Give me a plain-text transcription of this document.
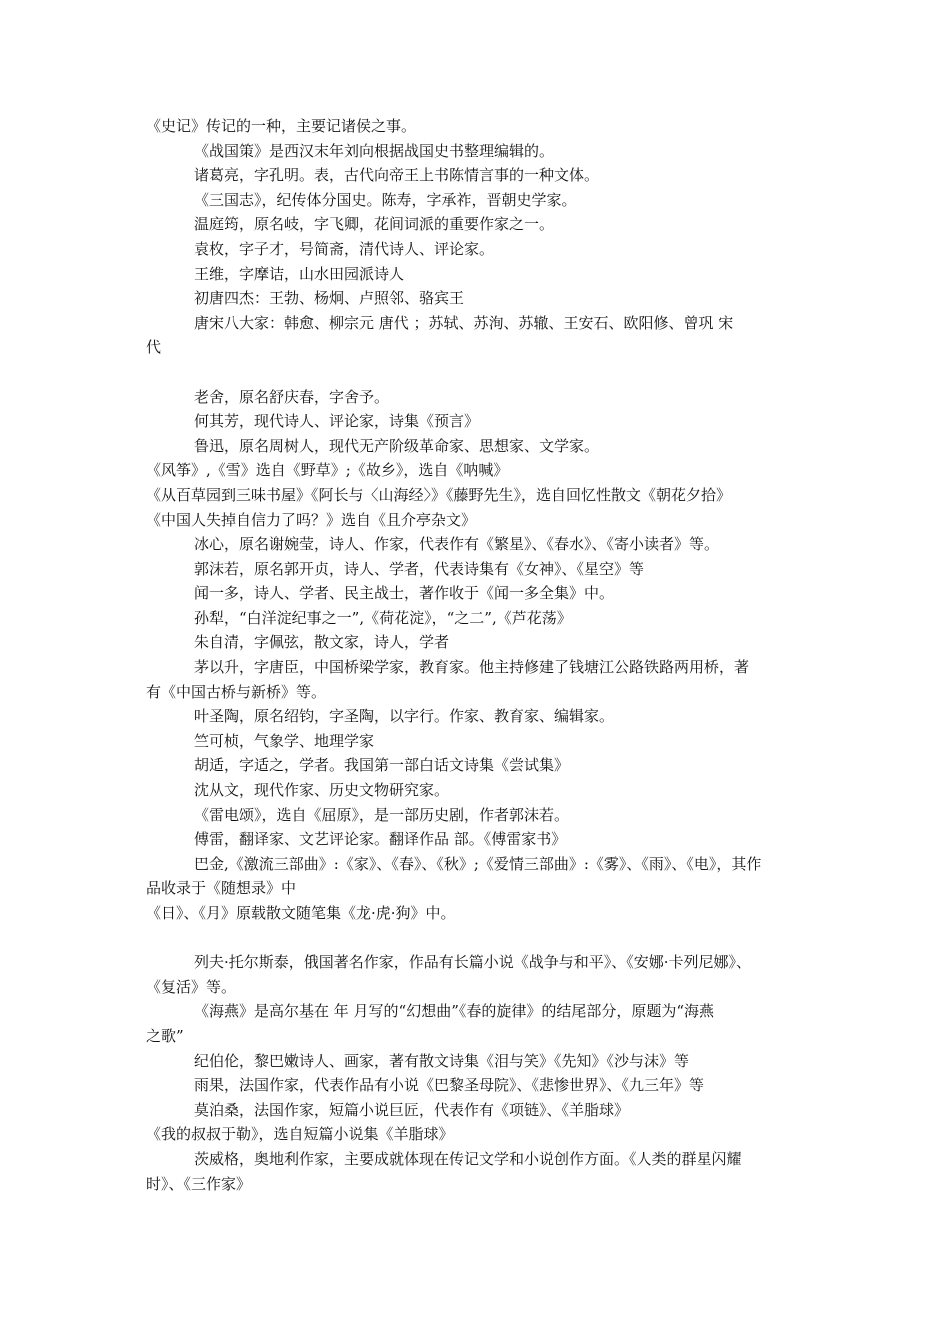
《史记》传记的一种，主要记诸侯之事。
《战国策》是西汉末年刘向根据战国史书整理编辑的。
诸葛亮，字孔明。表，古代向帝王上书陈情言事的一种文体。
《三国志》，纪传体分国史。陈寿，字承祚，晋朝史学家。
温庭筠，原名岐，字飞卿，花间词派的重要作家之一。
袁枚，字子才，号简斋，清代诗人、评论家。
王维，字摩诘，山水田园派诗人
初唐四杰：王勃、杨炯、卢照邻、骆宾王
唐宋八大家：韩愈、柳宗元 唐代 ；苏轼、苏洵、苏辙、王安石、欧阳修、曾巩 宋
代
老舍，原名舒庆春，字舍予。
何其芳，现代诗人、评论家，诗集《预言》
鲁迅，原名周树人，现代无产阶级革命家、思想家、文学家。
《风筝》,《雪》选自《野草》;《故乡》，选自《呐喊》
《从百草园到三味书屋》《阿长与〈山海经〉》《藤野先生》，选自回忆性散文《朝花夕拾》
《中国人失掉自信力了吗？》选自《且介亭杂文》
冰心，原名谢婉莹，诗人、作家，代表作有《繁星》、《春水》、《寄小读者》等。
郭沫若，原名郭开贞，诗人、学者，代表诗集有《女神》、《星空》等
闻一多，诗人、学者、民主战士，著作收于《闻一多全集》中。
孙犁，“白洋淀纪事之一”,《荷花淀》，“之二”,《芦花荡》
朱自清，字佩弦，散文家，诗人，学者
茅以升，字唐臣，中国桥梁学家，教育家。他主持修建了钱塘江公路铁路两用桥，著
有《中国古桥与新桥》等。
叶圣陶，原名绍钧，字圣陶，以字行。作家、教育家、编辑家。
竺可桢，气象学、地理学家
胡适，字适之，学者。我国第一部白话文诗集《尝试集》
沈从文，现代作家、历史文物研究家。
《雷电颂》，选自《屈原》，是一部历史剧，作者郭沫若。
傅雷，翻译家、文艺评论家。翻译作品 部。《傅雷家书》
巴金,《激流三部曲》:《家》、《春》、《秋》;《爱情三部曲》:《雾》、《雨》、《电》，其作
品收录于《随想录》中
《日》、《月》原载散文随笔集《龙·虎·狗》中。
列夫·托尔斯泰，俄国著名作家，作品有长篇小说《战争与和平》、《安娜·卡列尼娜》、
《复活》等。
《海燕》是高尔基在 年 月写的“幻想曲”《春的旋律》的结尾部分，原题为“海燕
之歌”
纪伯伦，黎巴嫩诗人、画家，著有散文诗集《泪与笑》《先知》《沙与沫》等
雨果，法国作家，代表作品有小说《巴黎圣母院》、《悲惨世界》、《九三年》等
莫泊桑，法国作家，短篇小说巨匠，代表作有《项链》、《羊脂球》
《我的叔叔于勒》，选自短篇小说集《羊脂球》
茨威格，奥地利作家，主要成就体现在传记文学和小说创作方面。《人类的群星闪耀
时》、《三作家》
